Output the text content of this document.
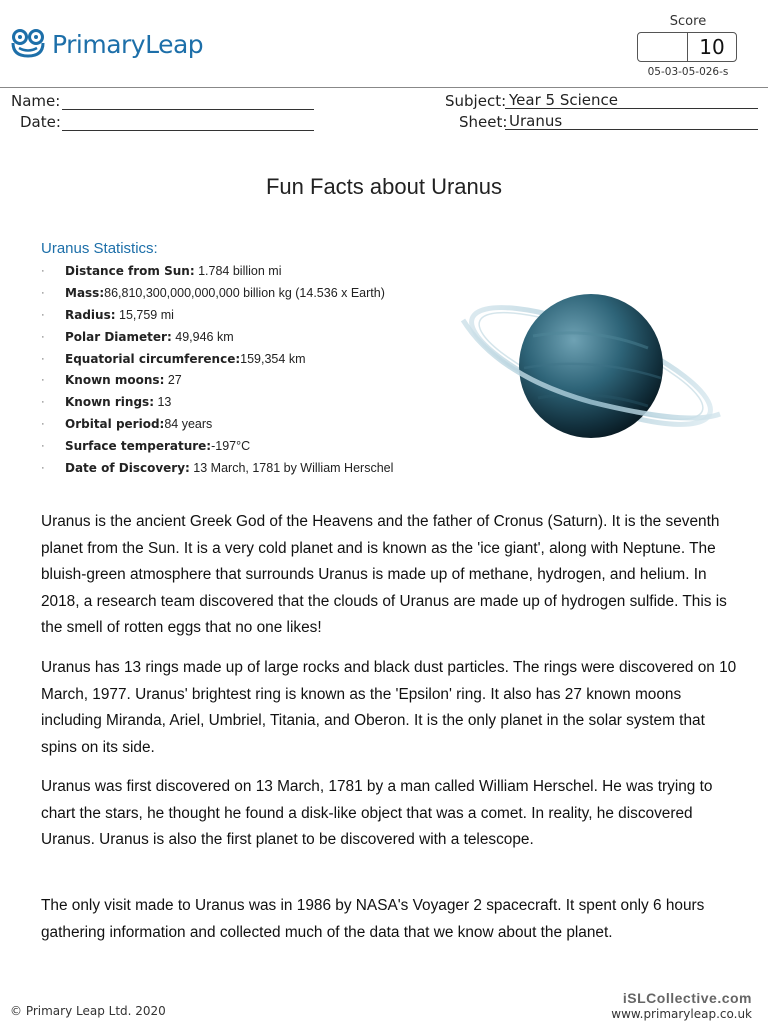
PrimaryLeap
Score
10
05-03-05-026-s
Name:
Date:
Subject: Year 5 Science
Sheet: Uranus
Fun Facts about Uranus
Uranus Statistics:
· Distance from Sun: 1.784 billion mi
· Mass:86,810,300,000,000,000 billion kg (14.536 x Earth)
· Radius: 15,759 mi
· Polar Diameter: 49,946 km
· Equatorial circumference:159,354 km
· Known moons: 27
· Known rings: 13
· Orbital period:84 years
· Surface temperature:-197°C
· Date of Discovery: 13 March, 1781 by William Herschel

Uranus is the ancient Greek God of the Heavens and the father of Cronus (Saturn). It is the seventh planet from the Sun. It is a very cold planet and is known as the 'ice giant', along with Neptune. The bluish-green atmosphere that surrounds Uranus is made up of methane, hydrogen, and helium. In 2018, a research team discovered that the clouds of Uranus are made up of hydrogen sulfide. This is the smell of rotten eggs that no one likes!

Uranus has 13 rings made up of large rocks and black dust particles. The rings were discovered on 10 March, 1977. Uranus' brightest ring is known as the 'Epsilon' ring. It also has 27 known moons including Miranda, Ariel, Umbriel, Titania, and Oberon. It is the only planet in the solar system that spins on its side.

Uranus was first discovered on 13 March, 1781 by a man called William Herschel. He was trying to chart the stars, he thought he found a disk-like object that was a comet. In reality, he discovered Uranus. Uranus is also the first planet to be discovered with a telescope.

The only visit made to Uranus was in 1986 by NASA's Voyager 2 spacecraft. It spent only 6 hours gathering information and collected much of the data that we know about the planet.

© Primary Leap Ltd. 2020
iSLCollective.com
www.primaryleap.co.uk
